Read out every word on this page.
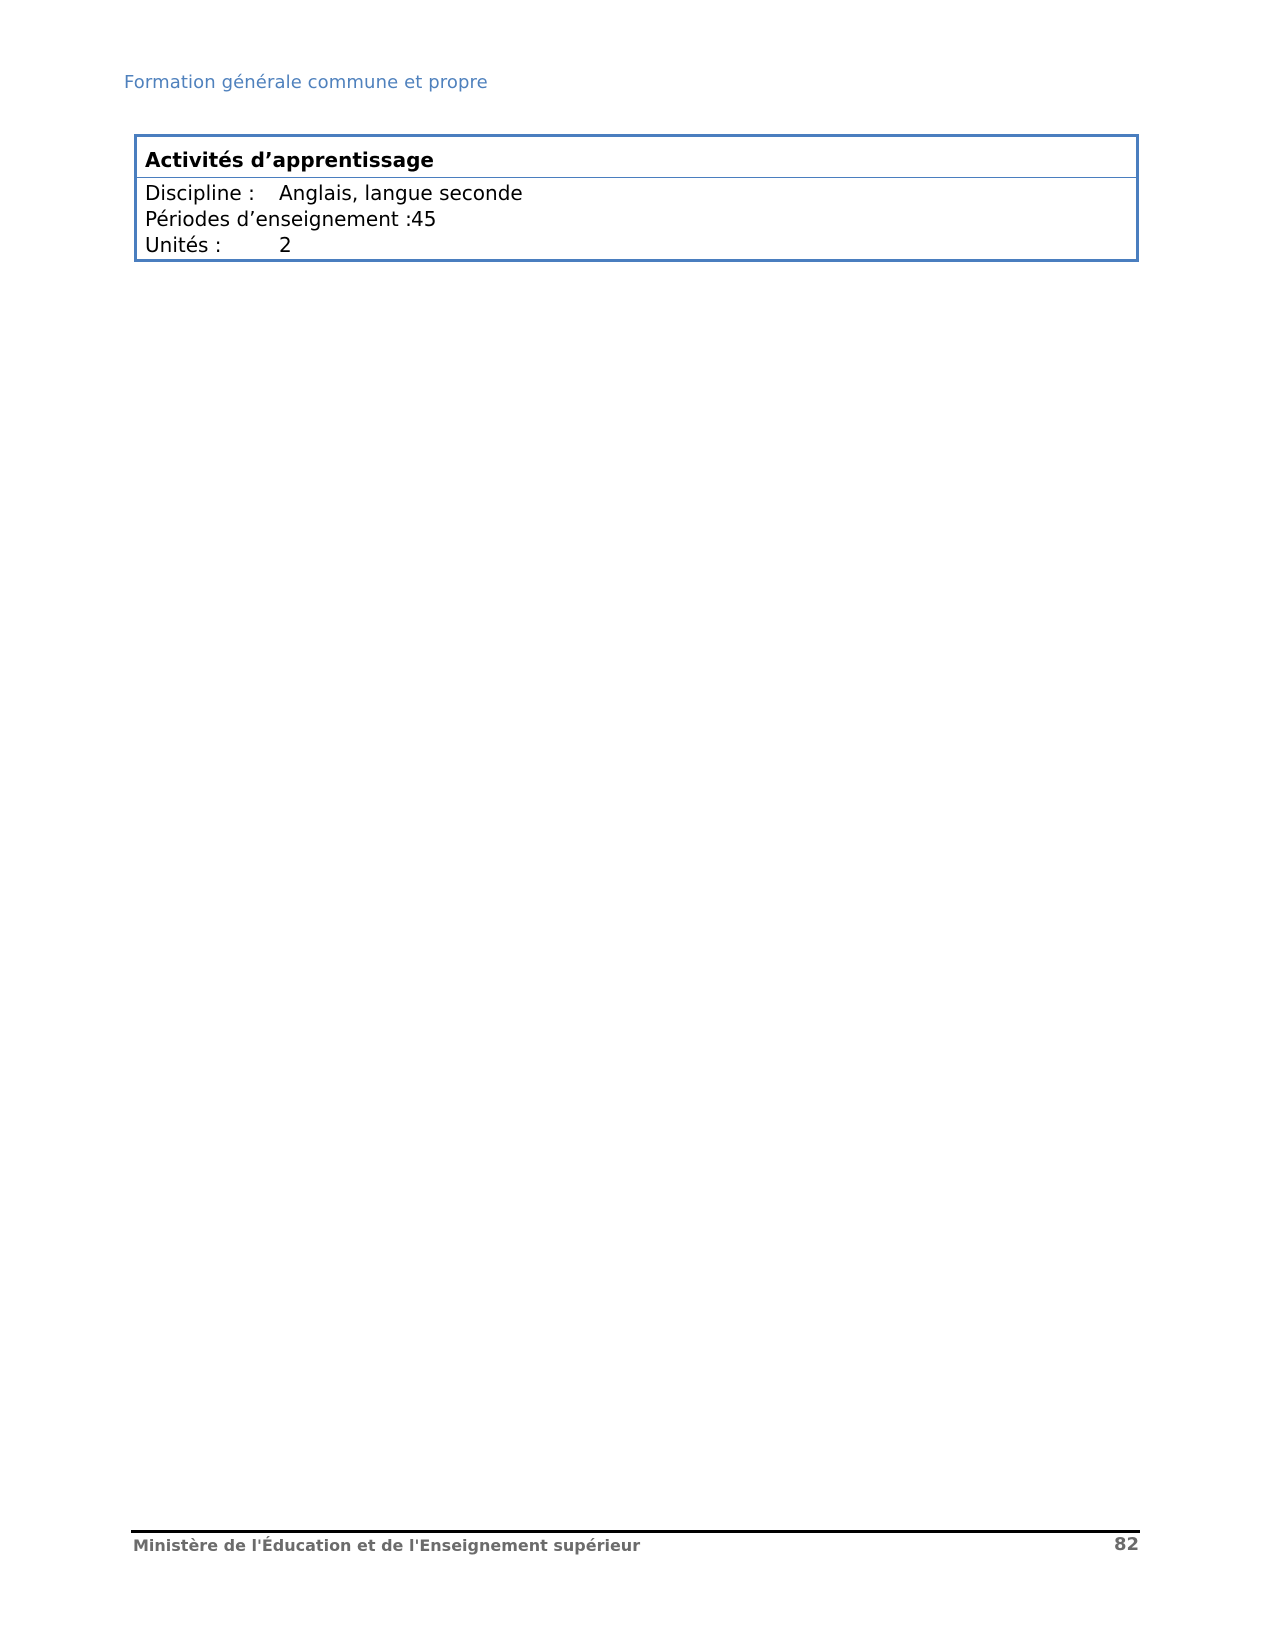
Formation générale commune et propre
Activités d’apprentissage
Discipline : Anglais, langue seconde
Périodes d’enseignement : 45
Unités :	2
Ministère de l'Éducation et de l'Enseignement supérieur	82
